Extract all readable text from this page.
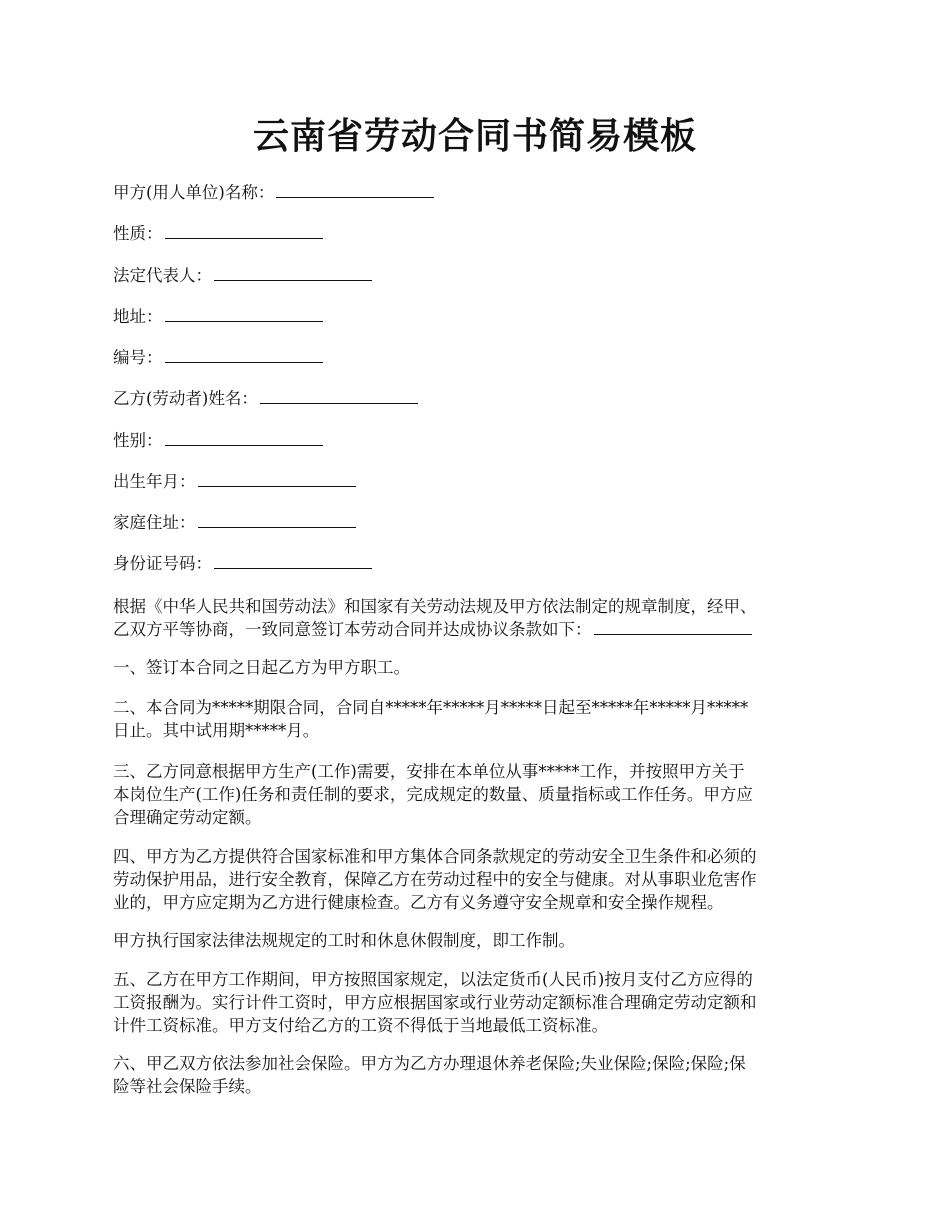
云南省劳动合同书简易模板
甲方(用人单位)名称：
性质：
法定代表人：
地址：
编号：
乙方(劳动者)姓名：
性别：
出生年月：
家庭住址：
身份证号码：
根据《中华人民共和国劳动法》和国家有关劳动法规及甲方依法制定的规章制度，经甲、
乙双方平等协商，一致同意签订本劳动合同并达成协议条款如下：
一、签订本合同之日起乙方为甲方职工。
二、本合同为*****期限合同，合同自*****年*****月*****日起至*****年*****月*****
日止。其中试用期*****月。
三、乙方同意根据甲方生产(工作)需要，安排在本单位从事*****工作，并按照甲方关于
本岗位生产(工作)任务和责任制的要求，完成规定的数量、质量指标或工作任务。甲方应
合理确定劳动定额。
四、甲方为乙方提供符合国家标准和甲方集体合同条款规定的劳动安全卫生条件和必须的
劳动保护用品，进行安全教育，保障乙方在劳动过程中的安全与健康。对从事职业危害作
业的，甲方应定期为乙方进行健康检查。乙方有义务遵守安全规章和安全操作规程。
甲方执行国家法律法规规定的工时和休息休假制度，即工作制。
五、乙方在甲方工作期间，甲方按照国家规定，以法定货币(人民币)按月支付乙方应得的
工资报酬为。实行计件工资时，甲方应根据国家或行业劳动定额标准合理确定劳动定额和
计件工资标准。甲方支付给乙方的工资不得低于当地最低工资标准。
六、甲乙双方依法参加社会保险。甲方为乙方办理退休养老保险;失业保险;保险;保险;保
险等社会保险手续。
